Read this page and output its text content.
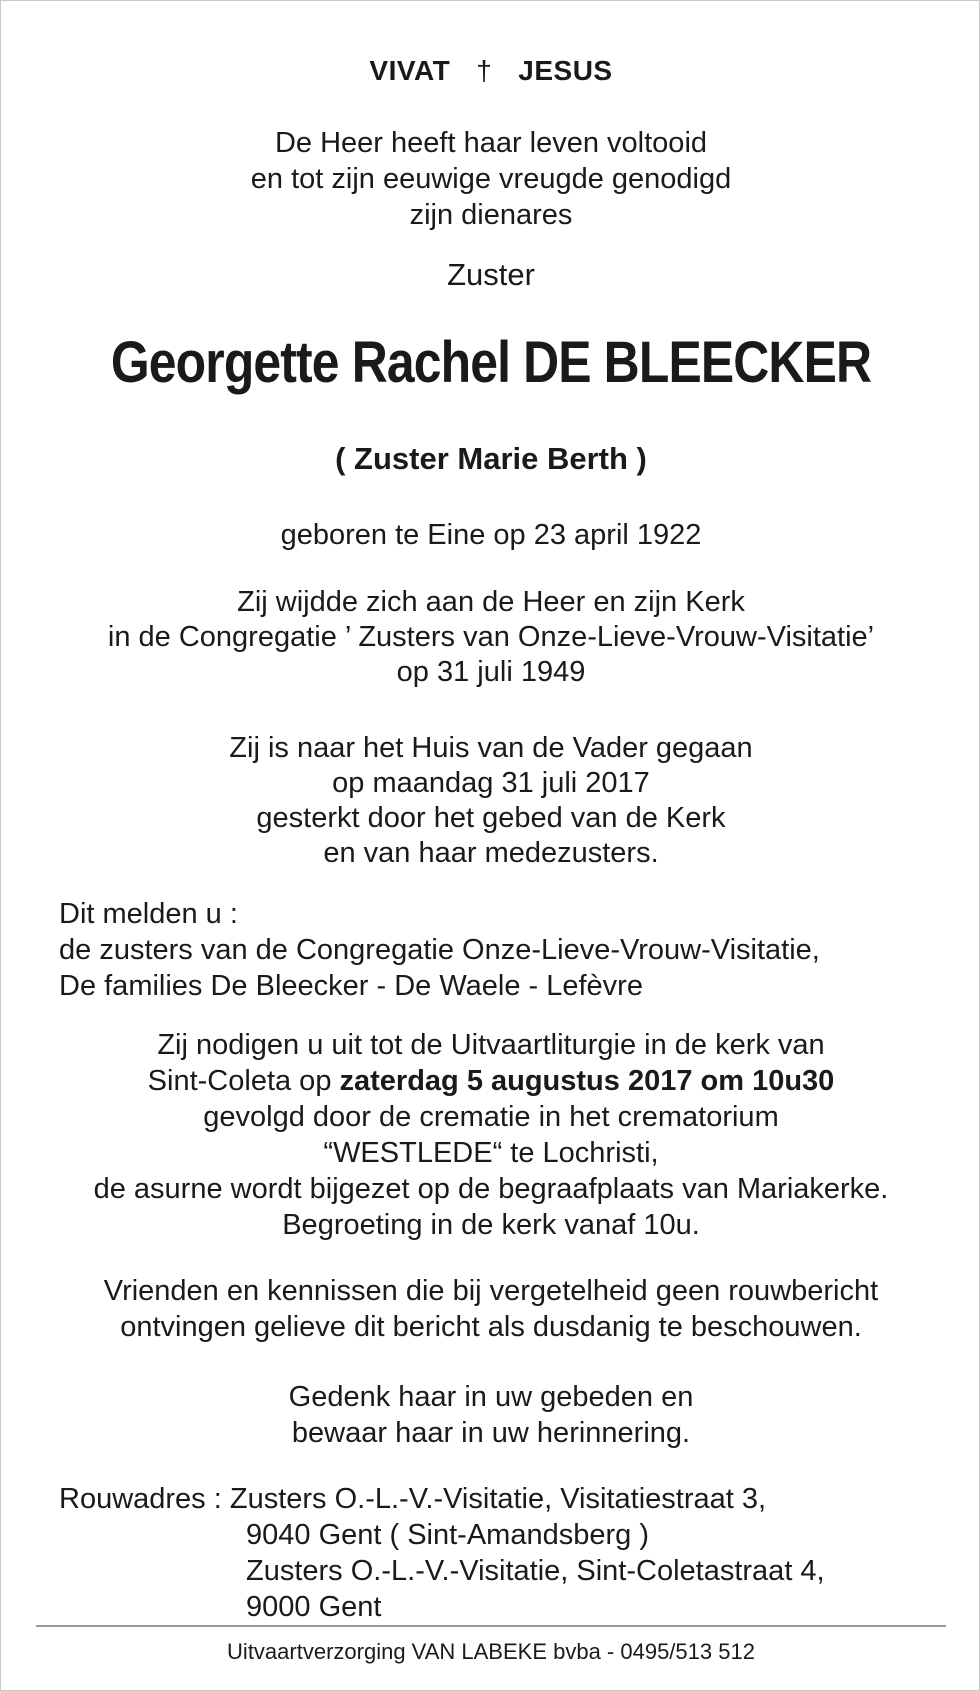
VIVAT † JESUS
De Heer heeft haar leven voltooid
en tot zijn eeuwige vreugde genodigd
zijn dienares
Zuster
Georgette Rachel DE BLEECKER
( Zuster Marie Berth )
geboren te Eine op 23 april 1922
Zij wijdde zich aan de Heer en zijn Kerk
in de Congregatie ’ Zusters van Onze-Lieve-Vrouw-Visitatie’
op 31 juli 1949
Zij is naar het Huis van de Vader gegaan
op maandag 31 juli 2017
gesterkt door het gebed van de Kerk
en van haar medezusters.
Dit melden u :
de zusters van de Congregatie Onze-Lieve-Vrouw-Visitatie,
De families De Bleecker - De Waele - Lefèvre
Zij nodigen u uit tot de Uitvaartliturgie in de kerk van
Sint-Coleta op zaterdag 5 augustus 2017 om 10u30
gevolgd door de crematie in het crematorium
“WESTLEDE“ te Lochristi,
de asurne wordt bijgezet op de begraafplaats van Mariakerke.
Begroeting in de kerk vanaf 10u.
Vrienden en kennissen die bij vergetelheid geen rouwbericht
ontvingen gelieve dit bericht als dusdanig te beschouwen.
Gedenk haar in uw gebeden en
bewaar haar in uw herinnering.
Rouwadres : Zusters O.-L.-V.-Visitatie, Visitatiestraat 3,
9040 Gent ( Sint-Amandsberg )
Zusters O.-L.-V.-Visitatie, Sint-Coletastraat 4,
9000 Gent
Uitvaartverzorging VAN LABEKE bvba - 0495/513 512
